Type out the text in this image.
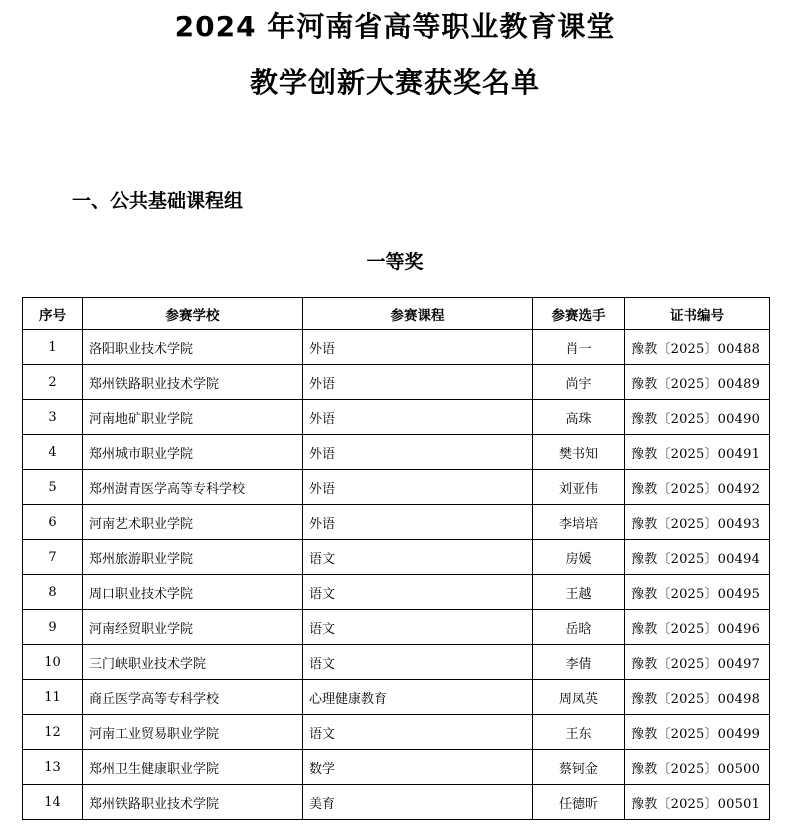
2024 年河南省高等职业教育课堂
教学创新大赛获奖名单
一、公共基础课程组
一等奖
序号	参赛学校	参赛课程	参赛选手	证书编号
1	洛阳职业技术学院	外语	肖一	豫教〔2025〕00488
2	郑州铁路职业技术学院	外语	尚宇	豫教〔2025〕00489
3	河南地矿职业学院	外语	高珠	豫教〔2025〕00490
4	郑州城市职业学院	外语	樊书知	豫教〔2025〕00491
5	郑州澍青医学高等专科学校	外语	刘亚伟	豫教〔2025〕00492
6	河南艺术职业学院	外语	李培培	豫教〔2025〕00493
7	郑州旅游职业学院	语文	房媛	豫教〔2025〕00494
8	周口职业技术学院	语文	王越	豫教〔2025〕00495
9	河南经贸职业学院	语文	岳晗	豫教〔2025〕00496
10	三门峡职业技术学院	语文	李倩	豫教〔2025〕00497
11	商丘医学高等专科学校	心理健康教育	周凤英	豫教〔2025〕00498
12	河南工业贸易职业学院	语文	王东	豫教〔2025〕00499
13	郑州卫生健康职业学院	数学	蔡钶金	豫教〔2025〕00500
14	郑州铁路职业技术学院	美育	任德昕	豫教〔2025〕00501
